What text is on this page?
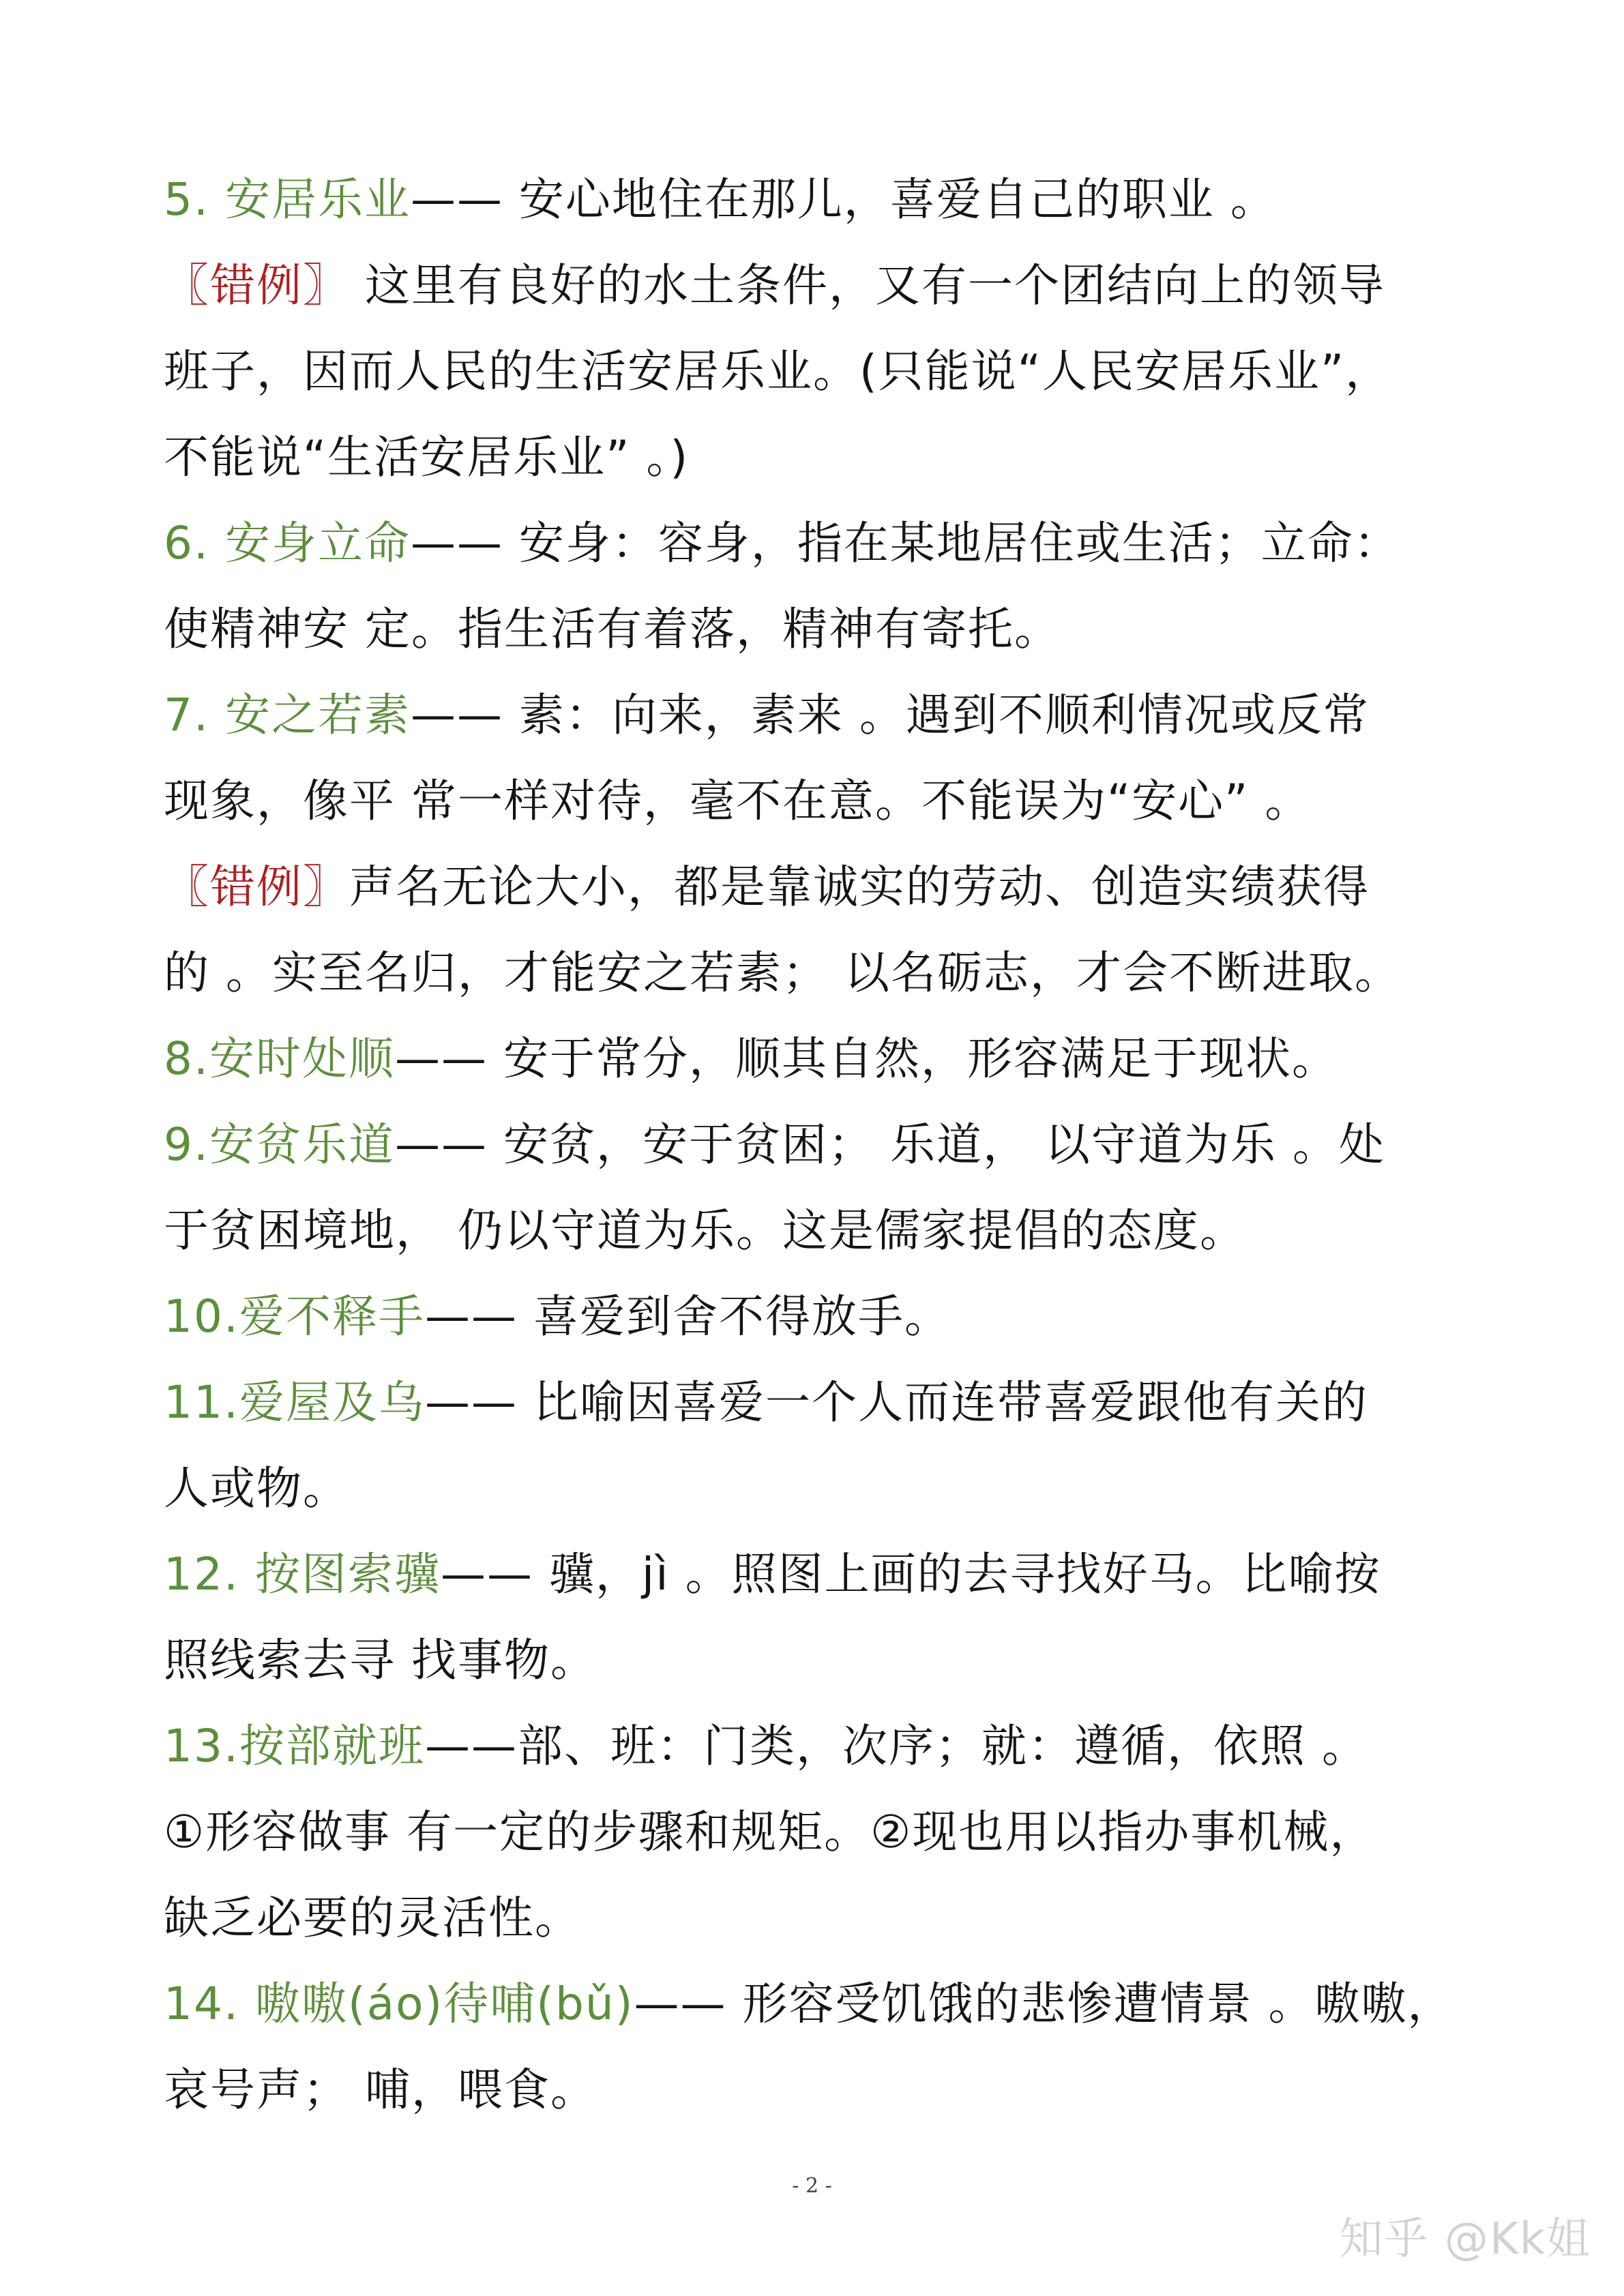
5. 安居乐业—— 安心地住在那儿，喜爱自己的职业 。
〖错例〗 这里有良好的水土条件，又有一个团结向上的领导
班子，因而人民的生活安居乐业。(只能说“人民安居乐业”，
不能说“生活安居乐业” 。)
6. 安身立命—— 安身：容身，指在某地居住或生活；立命：
使精神安 定。指生活有着落，精神有寄托。
7. 安之若素—— 素：向来，素来 。遇到不顺利情况或反常
现象，像平 常一样对待，毫不在意。不能误为“安心” 。
〖错例〗声名无论大小，都是靠诚实的劳动、创造实绩获得
的 。实至名归，才能安之若素； 以名砺志，才会不断进取。
8.安时处顺—— 安于常分，顺其自然，形容满足于现状。
9.安贫乐道—— 安贫，安于贫困； 乐道， 以守道为乐 。处
于贫困境地， 仍以守道为乐。这是儒家提倡的态度。
10.爱不释手—— 喜爱到舍不得放手。
11.爱屋及乌—— 比喻因喜爱一个人而连带喜爱跟他有关的
人或物。
12. 按图索骥—— 骥，jì 。照图上画的去寻找好马。比喻按
照线索去寻 找事物。
13.按部就班——部、班：门类，次序；就：遵循，依照 。
①形容做事 有一定的步骤和规矩。②现也用以指办事机械，
缺乏必要的灵活性。
14. 嗷嗷(áo)待哺(bǔ)—— 形容受饥饿的悲惨遭情景 。嗷嗷，
哀号声； 哺，喂食。
- 2 -
知乎 @Kk姐
